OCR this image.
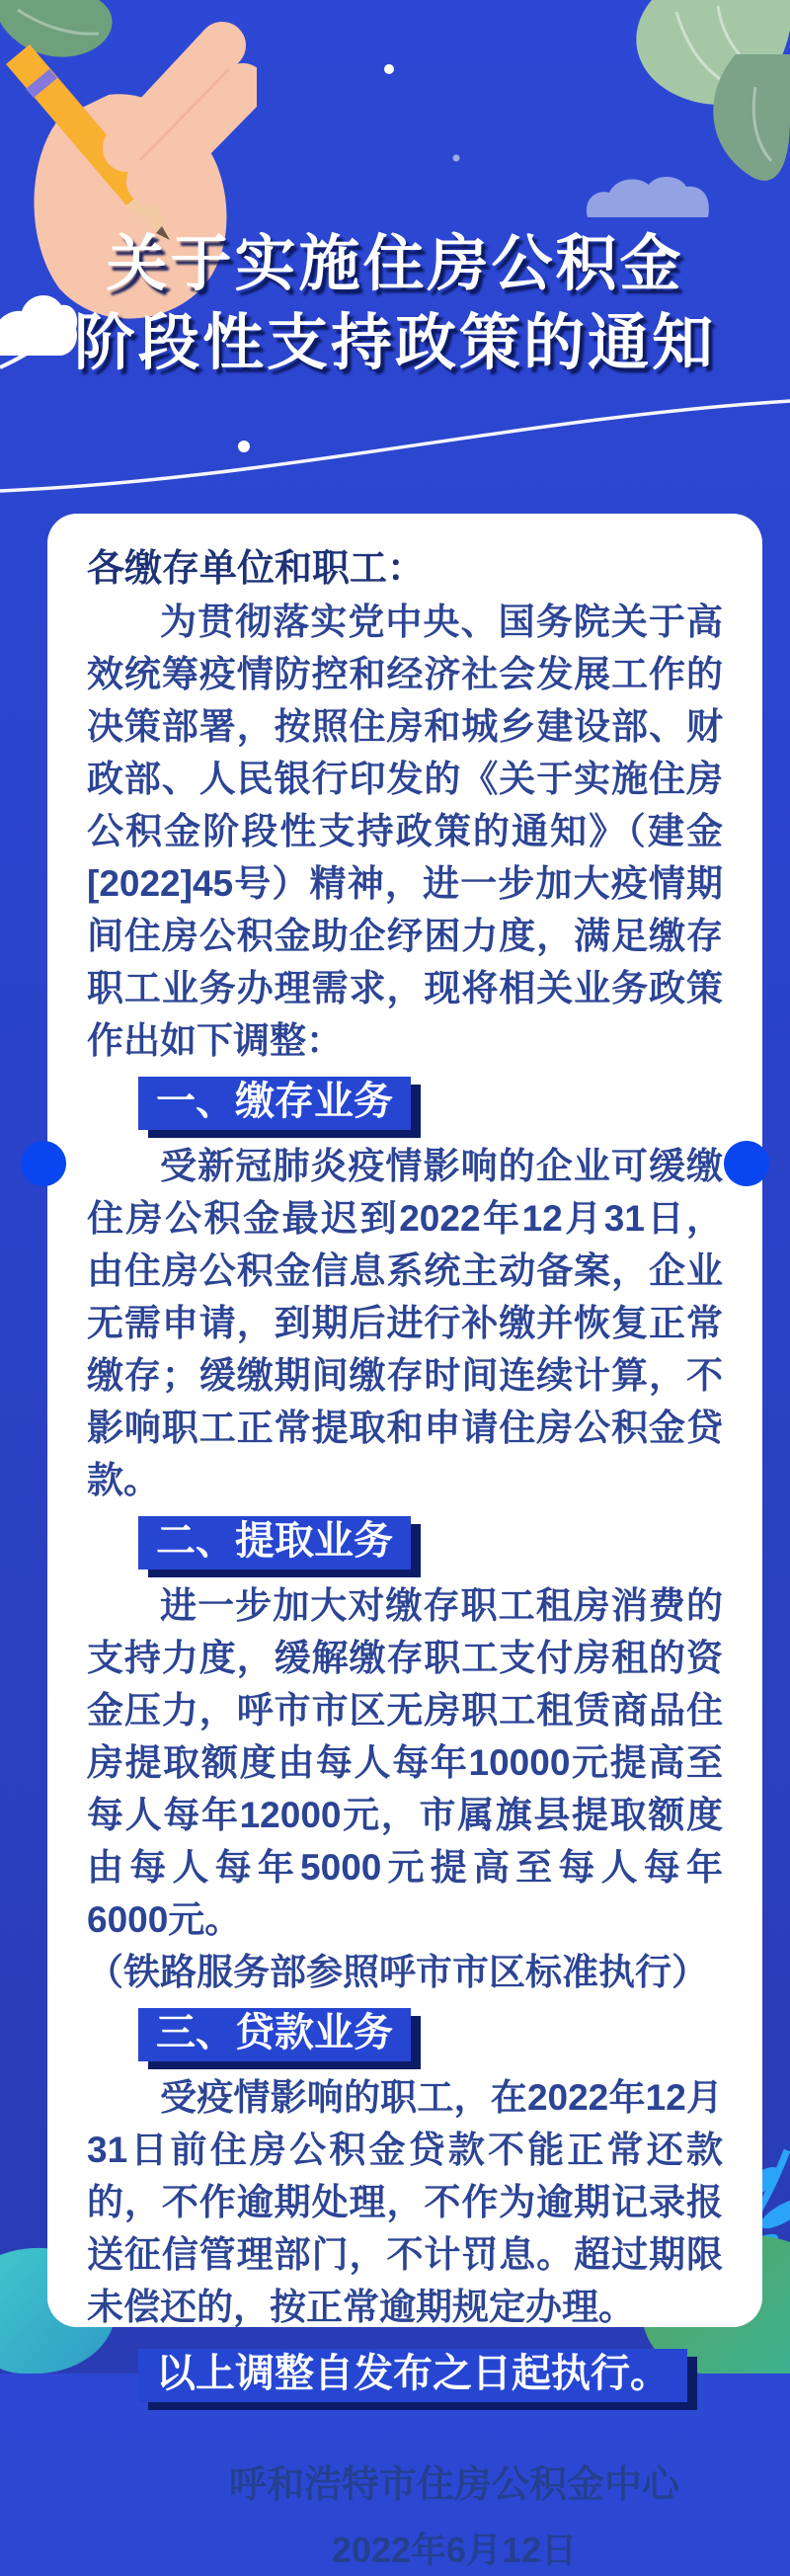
关于实施住房公积金
阶段性支持政策的通知

各缴存单位和职工：

为贯彻落实党中央、国务院关于高效统筹疫情防控和经济社会发展工作的决策部署，按照住房和城乡建设部、财政部、人民银行印发的《关于实施住房公积金阶段性支持政策的通知》（建金[2022]45号）精神，进一步加大疫情期间住房公积金助企纾困力度，满足缴存职工业务办理需求，现将相关业务政策作出如下调整：

一、缴存业务

受新冠肺炎疫情影响的企业可缓缴住房公积金最迟到2022年12月31日，由住房公积金信息系统主动备案，企业无需申请，到期后进行补缴并恢复正常缴存；缓缴期间缴存时间连续计算，不影响职工正常提取和申请住房公积金贷款。

二、提取业务

进一步加大对缴存职工租房消费的支持力度，缓解缴存职工支付房租的资金压力，呼市市区无房职工租赁商品住房提取额度由每人每年10000元提高至每人每年12000元，市属旗县提取额度由每人每年5000元提高至每人每年6000元。

（铁路服务部参照呼市市区标准执行）

三、贷款业务

受疫情影响的职工，在2022年12月31日前住房公积金贷款不能正常还款的，不作逾期处理，不作为逾期记录报送征信管理部门，不计罚息。超过期限未偿还的，按正常逾期规定办理。

以上调整自发布之日起执行。
呼和浩特市住房公积金中心
2022年6月12日
